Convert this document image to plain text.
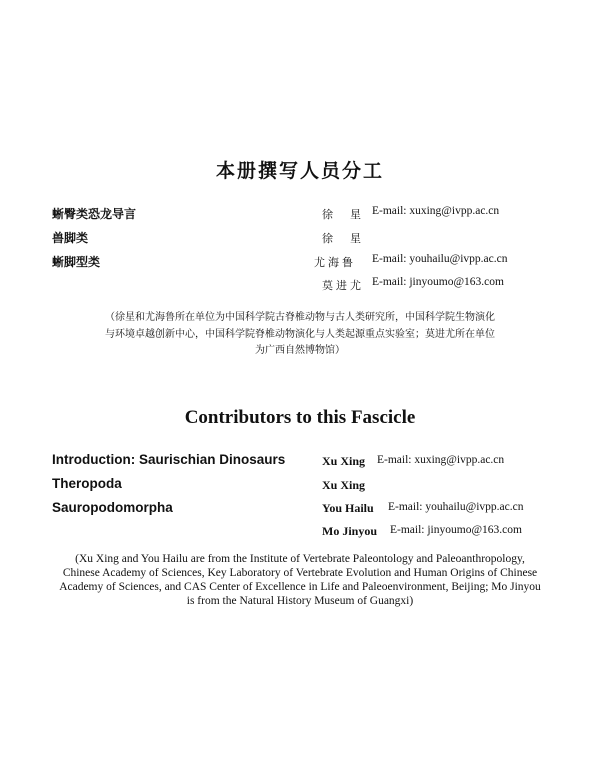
本册撰写人员分工
蜥臀类恐龙导言
兽脚类
蜥脚型类
徐　星 E-mail: xuxing@ivpp.ac.cn
徐　星
尤海鲁 E-mail: youhailu@ivpp.ac.cn
莫进尤 E-mail: jinyoumo@163.com
（徐星和尤海鲁所在单位为中国科学院古脊椎动物与古人类研究所，中国科学院生物演化
与环境卓越创新中心，中国科学院脊椎动物演化与人类起源重点实验室；莫进尤所在单位
为广西自然博物馆）
Contributors to this Fascicle
Introduction: Saurischian Dinosaurs
Theropoda
Sauropodomorpha
Xu Xing E-mail: xuxing@ivpp.ac.cn
Xu Xing
You Hailu E-mail: youhailu@ivpp.ac.cn
Mo Jinyou E-mail: jinyoumo@163.com
(Xu Xing and You Hailu are from the Institute of Vertebrate Paleontology and Paleoanthropology,
Chinese Academy of Sciences, Key Laboratory of Vertebrate Evolution and Human Origins of Chinese
Academy of Sciences, and CAS Center of Excellence in Life and Paleoenvironment, Beijing; Mo Jinyou
is from the Natural History Museum of Guangxi)
